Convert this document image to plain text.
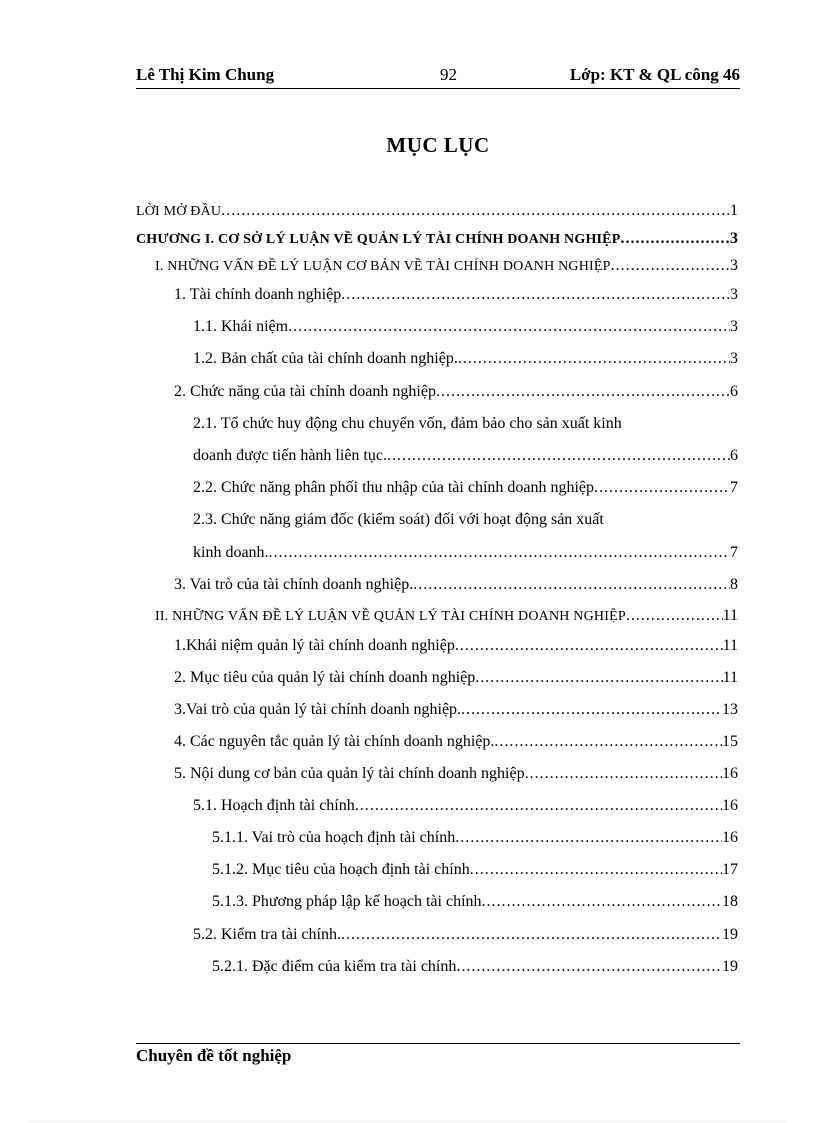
Lê Thị Kim Chung	92	Lớp: KT & QL công 46
MỤC LỤC
LỜI MỞ ĐẦU .....	1
CHƯƠNG I. CƠ SỞ LÝ LUẬN VỀ QUẢN LÝ TÀI CHÍNH DOANH NGHIỆP .....	3
I. NHỮNG VẤN ĐỀ LÝ LUẬN CƠ BẢN VỀ TÀI CHÍNH DOANH NGHIỆP .....	3
1. Tài chính doanh nghiệp .....	3
1.1. Khái niệm .....	3
1.2. Bản chất của tài chính doanh nghiệp. .....	3
2. Chức năng của tài chính doanh nghiệp .....	6
2.1. Tổ chức huy động chu chuyển vốn, đảm bảo cho sản xuất kinh
doanh được tiến hành liên tục. .....	6
2.2. Chức năng phân phối thu nhập của tài chính doanh nghiệp .....	7
2.3. Chức năng giám đốc (kiểm soát) đối với hoạt động sản xuất
kinh doanh. .....	7
3. Vai trò của tài chính doanh nghiệp. .....	8
II. NHỮNG VẤN ĐỀ LÝ LUẬN VỀ QUẢN LÝ TÀI CHÍNH DOANH NGHIỆP .....	11
1.Khái niệm quản lý tài chính doanh nghiệp .....	11
2. Mục tiêu của quản lý tài chính doanh nghiệp .....	11
3.Vai trò của quản lý tài chính doanh nghiệp. .....	13
4. Các nguyên tắc quản lý tài chính doanh nghiệp. .....	15
5. Nội dung cơ bản của quản lý tài chính doanh nghiệp .....	16
5.1. Hoạch định tài chính .....	16
5.1.1. Vai trò của hoạch định tài chính .....	16
5.1.2. Mục tiêu của hoạch định tài chính .....	17
5.1.3. Phương pháp lập kế hoạch tài chính .....	18
5.2. Kiểm tra tài chính. .....	19
5.2.1. Đặc điểm của kiểm tra tài chính .....	19
Chuyên đề tốt nghiệp
